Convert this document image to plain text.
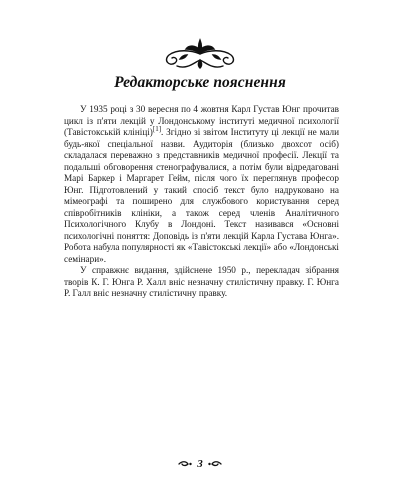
Редакторське пояснення

У 1935 році з 30 вересня по 4 жовтня Карл Густав Юнг прочитав цикл із п'яти лекцій у Лондонському інституті медичної психології (Тавістокській клініці)[1]. Згідно зі звітом Інституту ці лекції не мали будь-якої спеціальної назви. Аудиторія (близько двохсот осіб) складалася переважно з представників медичної професії. Лекції та подальші обговорення стенографувалися, а потім були відредаговані Марі Баркер і Маргарет Гейм, після чого їх переглянув професор Юнг. Підготовлений у такий спосіб текст було надруковано на мімеографі та поширено для службового користування серед співробітників клініки, а також серед членів Аналітичного Психологічного Клубу в Лондоні. Текст називався «Основні психологічні поняття: Доповідь із п'яти лекцій Карла Густава Юнга». Робота набула популярності як «Тавістокські лекції» або «Лондонські семінари».

У справжнє видання, здійснене 1950 р., перекладач зібрання творів К. Г. Юнга Р. Халл вніс незначну стилістичну правку. Г. Юнга Р. Галл вніс незначну стилістичну правку.

3
